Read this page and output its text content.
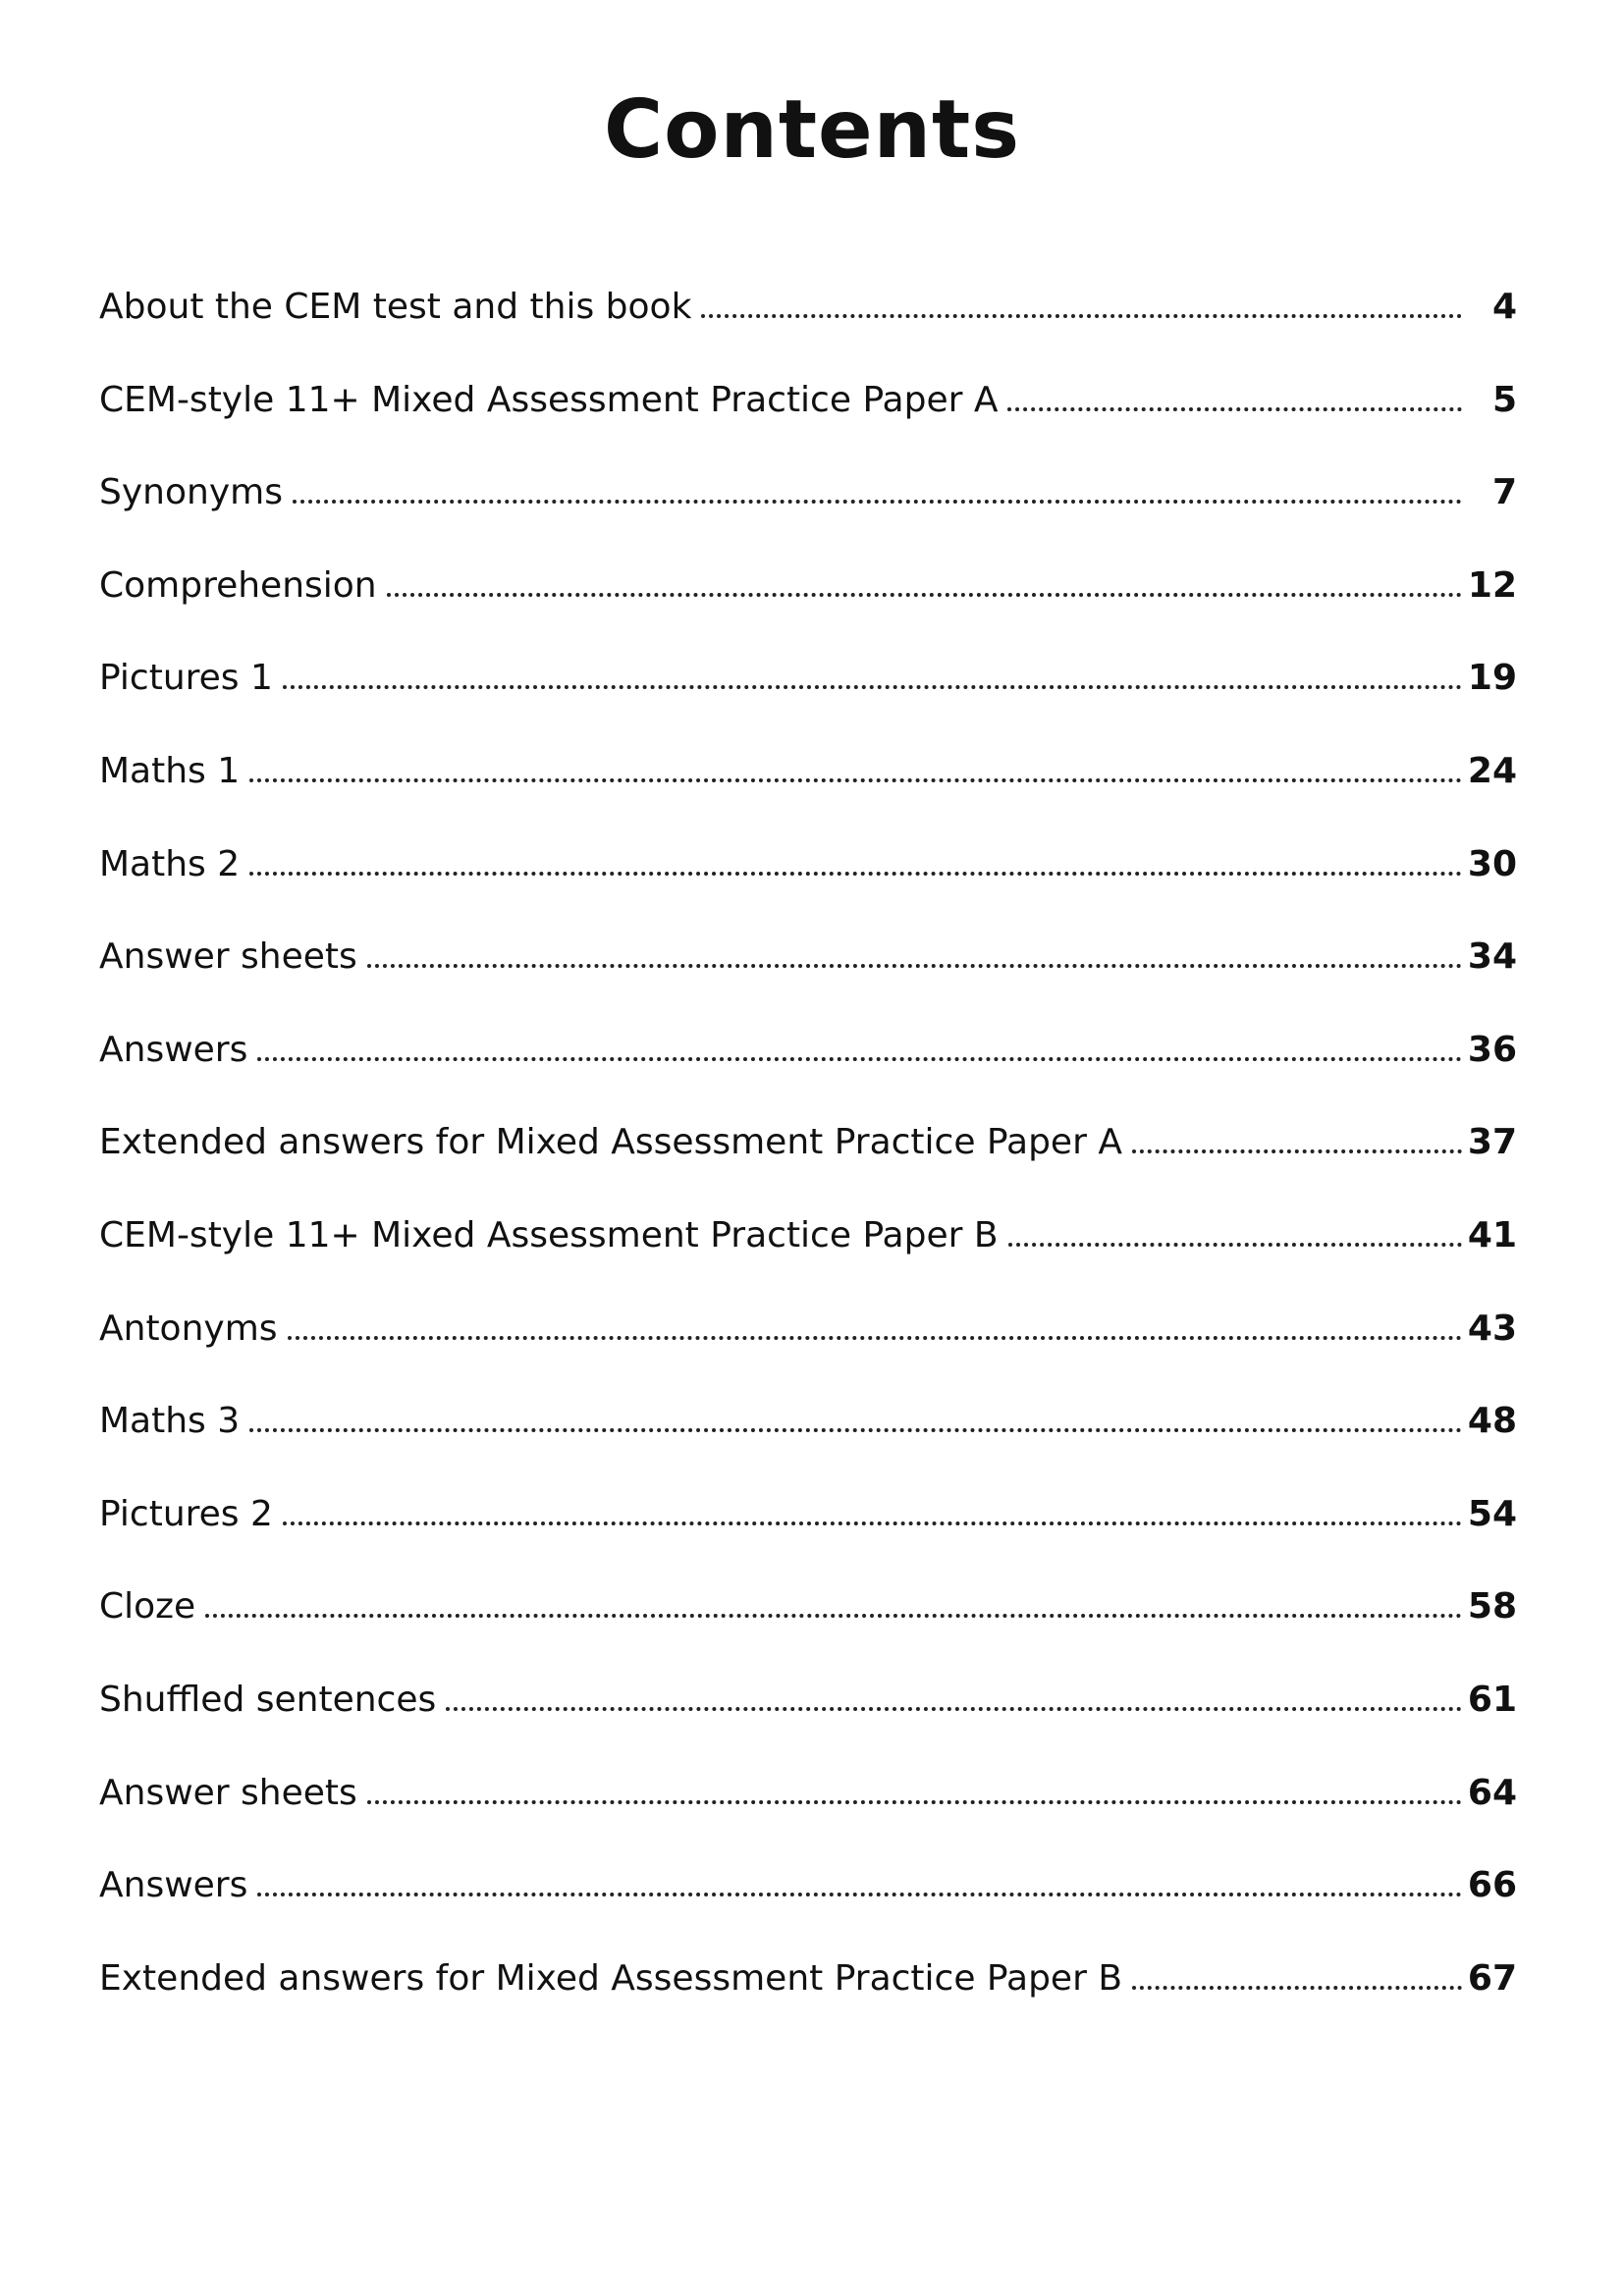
Contents
About the CEM test and this book	4
CEM-style 11+ Mixed Assessment Practice Paper A	5
Synonyms	7
Comprehension	12
Pictures 1	19
Maths 1	24
Maths 2	30
Answer sheets	34
Answers	36
Extended answers for Mixed Assessment Practice Paper A	37
CEM-style 11+ Mixed Assessment Practice Paper B	41
Antonyms	43
Maths 3	48
Pictures 2	54
Cloze	58
Shuffled sentences	61
Answer sheets	64
Answers	66
Extended answers for Mixed Assessment Practice Paper B	67
